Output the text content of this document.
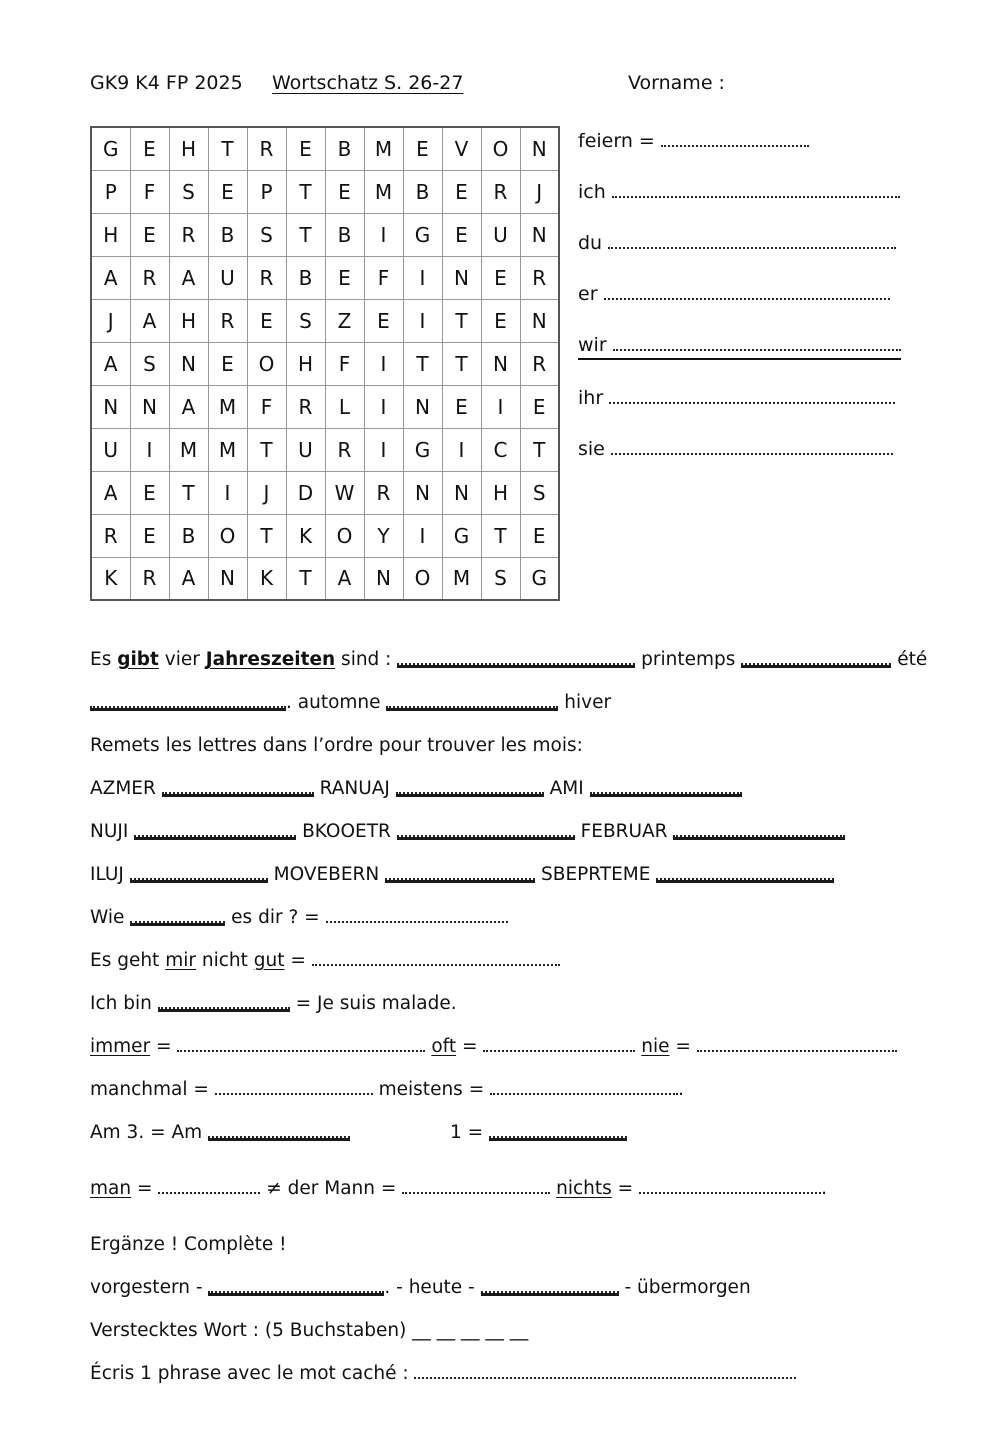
GK9 K4 FP 2025 Wortschatz S. 26-27	Vorname :
G	E	H	T	R	E	B	M	E	V	O	N
P	F	S	E	P	T	E	M	B	E	R	J
H	E	R	B	S	T	B	I	G	E	U	N
A	R	A	U	R	B	E	F	I	N	E	R
J	A	H	R	E	S	Z	E	I	T	E	N
A	S	N	E	O	H	F	I	T	T	N	R
N	N	A	M	F	R	L	I	N	E	I	E
U	I	M	M	T	U	R	I	G	I	C	T
A	E	T	I	J	D	W	R	N	N	H	S
R	E	B	O	T	K	O	Y	I	G	T	E
K	R	A	N	K	T	A	N	O	M	S	G
feiern =
ich
du
er
wir
ihr
sie
Es gibt vier Jahreszeiten sind :	printemps	été
. automne	hiver
Remets les lettres dans l’ordre pour trouver les mois:
AZMER	RANUAJ	AMI
NUJI	BKOOETR	FEBRUAR
ILUJ	MOVEBERN	SBEPRTEME
Wie	es dir ? =
Es geht mir nicht gut =
Ich bin	= Je suis malade.
immer =	oft =	nie =
manchmal =	meistens =	.
Am 3. = Am	1 =
man =	≠ der Mann =	nichts =	.
Ergänze ! Complète !
vorgestern -	. - heute -	- übermorgen
Verstecktes Wort : (5 Buchstaben) __ __ __ __ __
Écris 1 phrase avec le mot caché :
